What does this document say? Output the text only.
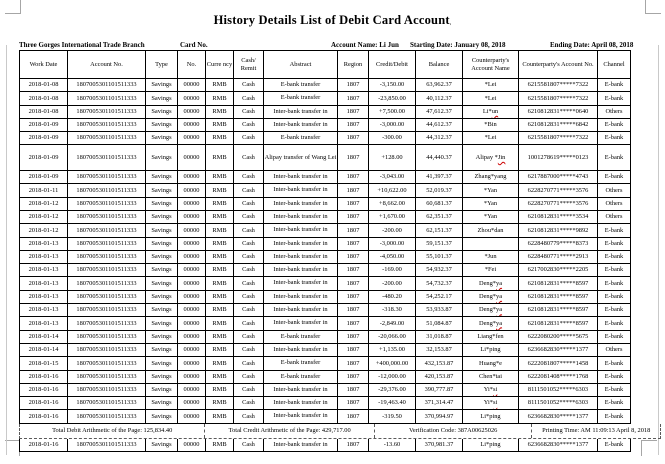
History Details List of Debit Card Account,
Three Gorges International Trade Branch	Card No.	Account Name: Li Jun Starting Date: January 08, 2018	Ending Date: April 08, 2018
Work Date	Account No.	Type	No.	Curre ncy	Cash/ Remit	Abstract	Region	Credit/Debit	Balance	Counterparty's Account Name	Counterparty's Account No.	Channel
2018-01-08	1807005301101511333	Savings	00000	RMB	Cash	E-bank transfer	1807	-3,150.00	63,962.37	*Lei	6215581807*****7322	E-bank
2018-01-08	1807005301101511333	Savings	00000	RMB	Cash	E-bank transfer	1807	-23,850.00	40,112.37	*Lei	6215581807*****7322	E-bank
2018-01-08	1807005301101511333	Savings	00000	RMB	Cash	Inter-bank transfer in	1807	+7,500.00	47,612.37	Li*un	6210812831*****0640	Others
2018-01-09	1807005301101511333	Savings	00000	RMB	Cash	Inter-bank transfer in	1807	-3,000.00	44,612.37	*Bin	6210812831*****6842	E-bank
2018-01-09	1807005301101511333	Savings	00000	RMB	Cash	E-bank transfer	1807	-300.00	44,312.37	*Lei	6215581807*****7322	E-bank
2018-01-09	1807005301101511333	Savings	00000	RMB	Cash	Alipay transfer of Wang Lei	1807	+128.00	44,440.37	Alipay *Jin	1001278619*****0123	E-bank
2018-01-09	1807005301101511333	Savings	00000	RMB	Cash	Inter-bank transfer in	1807	-3,043.00	41,397.37	Zhang*yang	6217887000*****4743	E-bank
2018-01-11	1807005301101511333	Savings	00000	RMB	Cash	Inter-bank transfer in	1807	+10,622.00	52,019.37	*Yan	6228270771*****3576	Others
2018-01-12	1807005301101511333	Savings	00000	RMB	Cash	Inter-bank transfer in	1807	+8,662.00	60,681.37	*Yan	6228270771*****3576	Others
2018-01-12	1807005301101511333	Savings	00000	RMB	Cash	Inter-bank transfer in	1807	+1,670.00	62,351.37	*Yan	6210812831*****3534	Others
2018-01-12	1807005301101511333	Savings	00000	RMB	Cash	Inter-bank transfer in	1807	-200.00	62,151.37	Zhou*dan	6210812831*****9892	E-bank
2018-01-13	1807005301101511333	Savings	00000	RMB	Cash	Inter-bank transfer in	1807	-3,000.00	59,151.37		6228480779*****8373	E-bank
2018-01-13	1807005301101511333	Savings	00000	RMB	Cash	Inter-bank transfer in	1807	-4,050.00	55,101.37	*Jun	6228480771*****2913	E-bank
2018-01-13	1807005301101511333	Savings	00000	RMB	Cash	Inter-bank transfer in	1807	-169.00	54,932.37	*Fei	6217002830*****2205	E-bank
2018-01-13	1807005301101511333	Savings	00000	RMB	Cash	Inter-bank transfer in	1807	-200.00	54,732.37	Deng*ya	6210812831*****8597	E-bank
2018-01-13	1807005301101511333	Savings	00000	RMB	Cash	Inter-bank transfer in	1807	-480.20	54,252.17	Deng*ya	6210812831*****8597	E-bank
2018-01-13	1807005301101511333	Savings	00000	RMB	Cash	Inter-bank transfer in	1807	-318.30	53,933.87	Deng*ya	6210812831*****8597	E-bank
2018-01-13	1807005301101511333	Savings	00000	RMB	Cash	Inter-bank transfer in	1807	-2,849.00	51,084.87	Deng*ya	6210812831*****8597	E-bank
2018-01-14	1807005301101511333	Savings	00000	RMB	Cash	E-bank transfer	1807	-20,066.00	31,018.87	Liang*fen	6222080200*****5675	E-bank
2018-01-14	1807005301101511333	Savings	00000	RMB	Cash	Inter-bank transfer in	1807	+1,135.00	32,153.87	Li*ping	6236682830*****1377	Others
2018-01-15	1807005301101511333	Savings	00000	RMB	Cash	E-bank transfer	1807	+400,000.00	432,153.87	Huang*e	6222081807*****1458	E-bank
2018-01-16	1807005301101511333	Savings	00000	RMB	Cash	E-bank transfer	1807	-12,000.00	420,153.87	Chen*tai	6222081408*****1768	E-bank
2018-01-16	1807005301101511333	Savings	00000	RMB	Cash	Inter-bank transfer in	1807	-29,376.00	390,777.87	Yi*si	8111501052*****6303	E-bank
2018-01-16	1807005301101511333	Savings	00000	RMB	Cash	Inter-bank transfer in	1807	-19,463.40	371,314.47	Yi*si	8111501052*****6303	E-bank
2018-01-16	1807005301101511333	Savings	00000	RMB	Cash	Inter-bank transfer in	1807	-319.50	370,994.97	Li*ping	6236682830*****1377	E-bank
Total Debit Arithmetic of the Page: 125,834.40	Total Credit Arithmetic of the Page: 429,717.00	Verification Code: 387A00625026	Printing Time: AM 11:09:13 April 8, 2018
2018-01-16	1807005301101511333	Savings	00000	RMB	Cash	Inter-bank transfer in	1807	-13.60	370,981.37	Li*ping	6236682830*****1377	E-bank
